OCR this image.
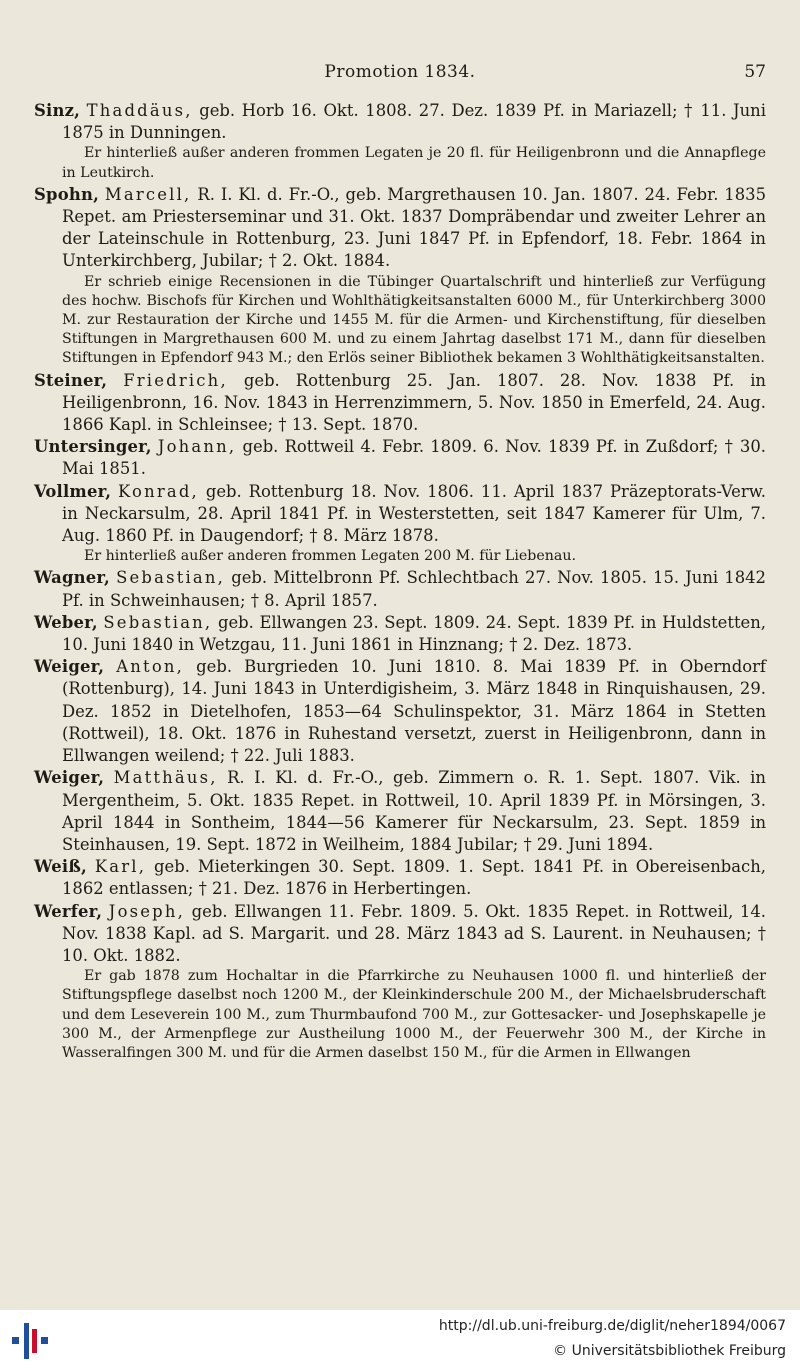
Promotion 1834.	57

Sinz, Thaddäus, geb. Horb 16. Okt. 1808. 27. Dez. 1839 Pf. in Mariazell; † 11. Juni 1875 in Dunningen.

Er hinterließ außer anderen frommen Legaten je 20 fl. für Heiligenbronn und die Annapflege in Leutkirch.

Spohn, Marcell, R. I. Kl. d. Fr.-O., geb. Margrethausen 10. Jan. 1807. 24. Febr. 1835 Repet. am Priesterseminar und 31. Okt. 1837 Dompräbendar und zweiter Lehrer an der Lateinschule in Rottenburg, 23. Juni 1847 Pf. in Epfendorf, 18. Febr. 1864 in Unterkirchberg, Jubilar; † 2. Okt. 1884.

Er schrieb einige Recensionen in die Tübinger Quartalschrift und hinterließ zur Verfügung des hochw. Bischofs für Kirchen und Wohlthätigkeitsanstalten 6000 M., für Unterkirchberg 3000 M. zur Restauration der Kirche und 1455 M. für die Armen- und Kirchenstiftung, für dieselben Stiftungen in Margrethausen 600 M. und zu einem Jahrtag daselbst 171 M., dann für dieselben Stiftungen in Epfendorf 943 M.; den Erlös seiner Bibliothek bekamen 3 Wohlthätigkeitsanstalten.

Steiner, Friedrich, geb. Rottenburg 25. Jan. 1807. 28. Nov. 1838 Pf. in Heiligenbronn, 16. Nov. 1843 in Herrenzimmern, 5. Nov. 1850 in Emerfeld, 24. Aug. 1866 Kapl. in Schleinsee; † 13. Sept. 1870.

Untersinger, Johann, geb. Rottweil 4. Febr. 1809. 6. Nov. 1839 Pf. in Zußdorf; † 30. Mai 1851.

Vollmer, Konrad, geb. Rottenburg 18. Nov. 1806. 11. April 1837 Präzeptorats-Verw. in Neckarsulm, 28. April 1841 Pf. in Westerstetten, seit 1847 Kamerer für Ulm, 7. Aug. 1860 Pf. in Daugendorf; † 8. März 1878.

Er hinterließ außer anderen frommen Legaten 200 M. für Liebenau.

Wagner, Sebastian, geb. Mittelbronn Pf. Schlechtbach 27. Nov. 1805. 15. Juni 1842 Pf. in Schweinhausen; † 8. April 1857.

Weber, Sebastian, geb. Ellwangen 23. Sept. 1809. 24. Sept. 1839 Pf. in Huldstetten, 10. Juni 1840 in Wetzgau, 11. Juni 1861 in Hinznang; † 2. Dez. 1873.

Weiger, Anton, geb. Burgrieden 10. Juni 1810. 8. Mai 1839 Pf. in Oberndorf (Rottenburg), 14. Juni 1843 in Unterdigisheim, 3. März 1848 in Rinquishausen, 29. Dez. 1852 in Dietelhofen, 1853—64 Schulinspektor, 31. März 1864 in Stetten (Rottweil), 18. Okt. 1876 in Ruhestand versetzt, zuerst in Heiligenbronn, dann in Ellwangen weilend; † 22. Juli 1883.

Weiger, Matthäus, R. I. Kl. d. Fr.-O., geb. Zimmern o. R. 1. Sept. 1807. Vik. in Mergentheim, 5. Okt. 1835 Repet. in Rottweil, 10. April 1839 Pf. in Mörsingen, 3. April 1844 in Sontheim, 1844—56 Kamerer für Neckarsulm, 23. Sept. 1859 in Steinhausen, 19. Sept. 1872 in Weilheim, 1884 Jubilar; † 29. Juni 1894.

Weiß, Karl, geb. Mieterkingen 30. Sept. 1809. 1. Sept. 1841 Pf. in Obereisenbach, 1862 entlassen; † 21. Dez. 1876 in Herbertingen.

Werfer, Joseph, geb. Ellwangen 11. Febr. 1809. 5. Okt. 1835 Repet. in Rottweil, 14. Nov. 1838 Kapl. ad S. Margarit. und 28. März 1843 ad S. Laurent. in Neuhausen; † 10. Okt. 1882.

Er gab 1878 zum Hochaltar in die Pfarrkirche zu Neuhausen 1000 fl. und hinterließ der Stiftungspflege daselbst noch 1200 M., der Kleinkinderschule 200 M., der Michaelsbruderschaft und dem Leseverein 100 M., zum Thurmbaufond 700 M., zur Gottesacker- und Josephskapelle je 300 M., der Armenpflege zur Austheilung 1000 M., der Feuerwehr 300 M., der Kirche in Wasseralfingen 300 M. und für die Armen daselbst 150 M., für die Armen in Ellwangen

http://dl.ub.uni-freiburg.de/diglit/neher1894/0067
© Universitätsbibliothek Freiburg
